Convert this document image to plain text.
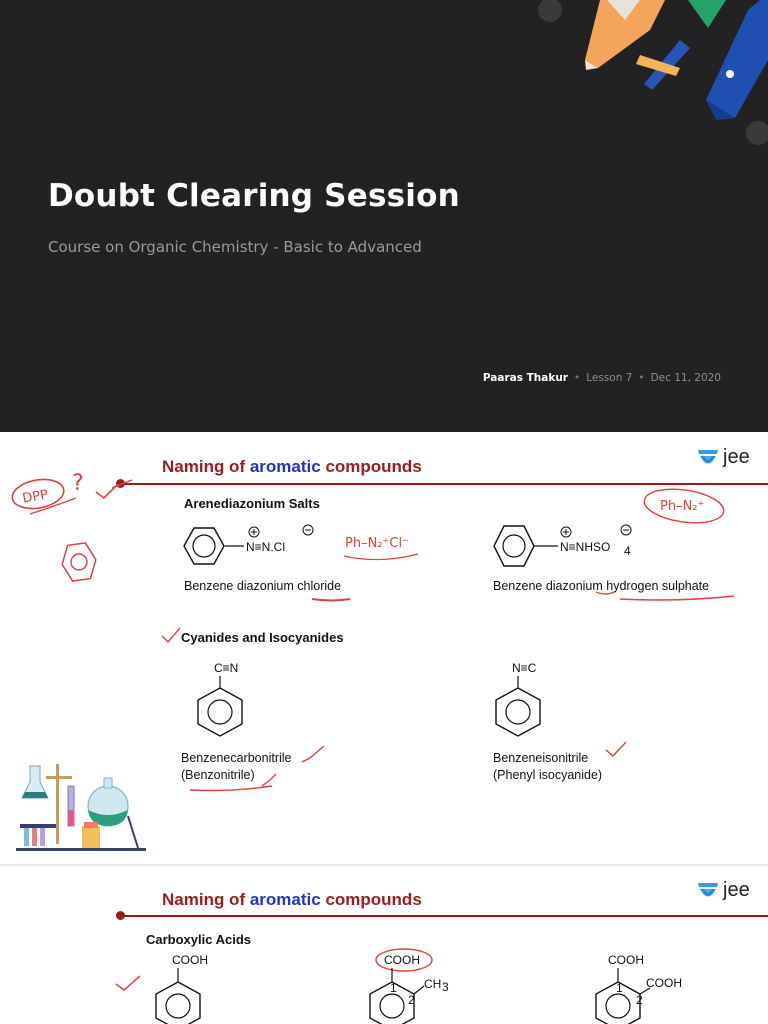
Doubt Clearing Session
Course on Organic Chemistry - Basic to Advanced
Paaras Thakur • Lesson 7 • Dec 11, 2020
Naming of aromatic compounds	jee
Arenediazonium Salts
N≡N.Cl
Benzene diazonium chloride
N≡NHSO 4
Benzene diazonium hydrogen sulphate
Cyanides and Isocyanides
C≡N
Benzenecarbonitrile
(Benzonitrile)
N≡C
Benzeneisonitrile
(Phenyl isocyanide)
DPP
?
Ph–N₂⁺Cl⁻
Ph–N₂⁺
Naming of aromatic compounds	jee
Carboxylic Acids
COOH	COOH
CH 3
1
2
COOH
COOH
1
2
